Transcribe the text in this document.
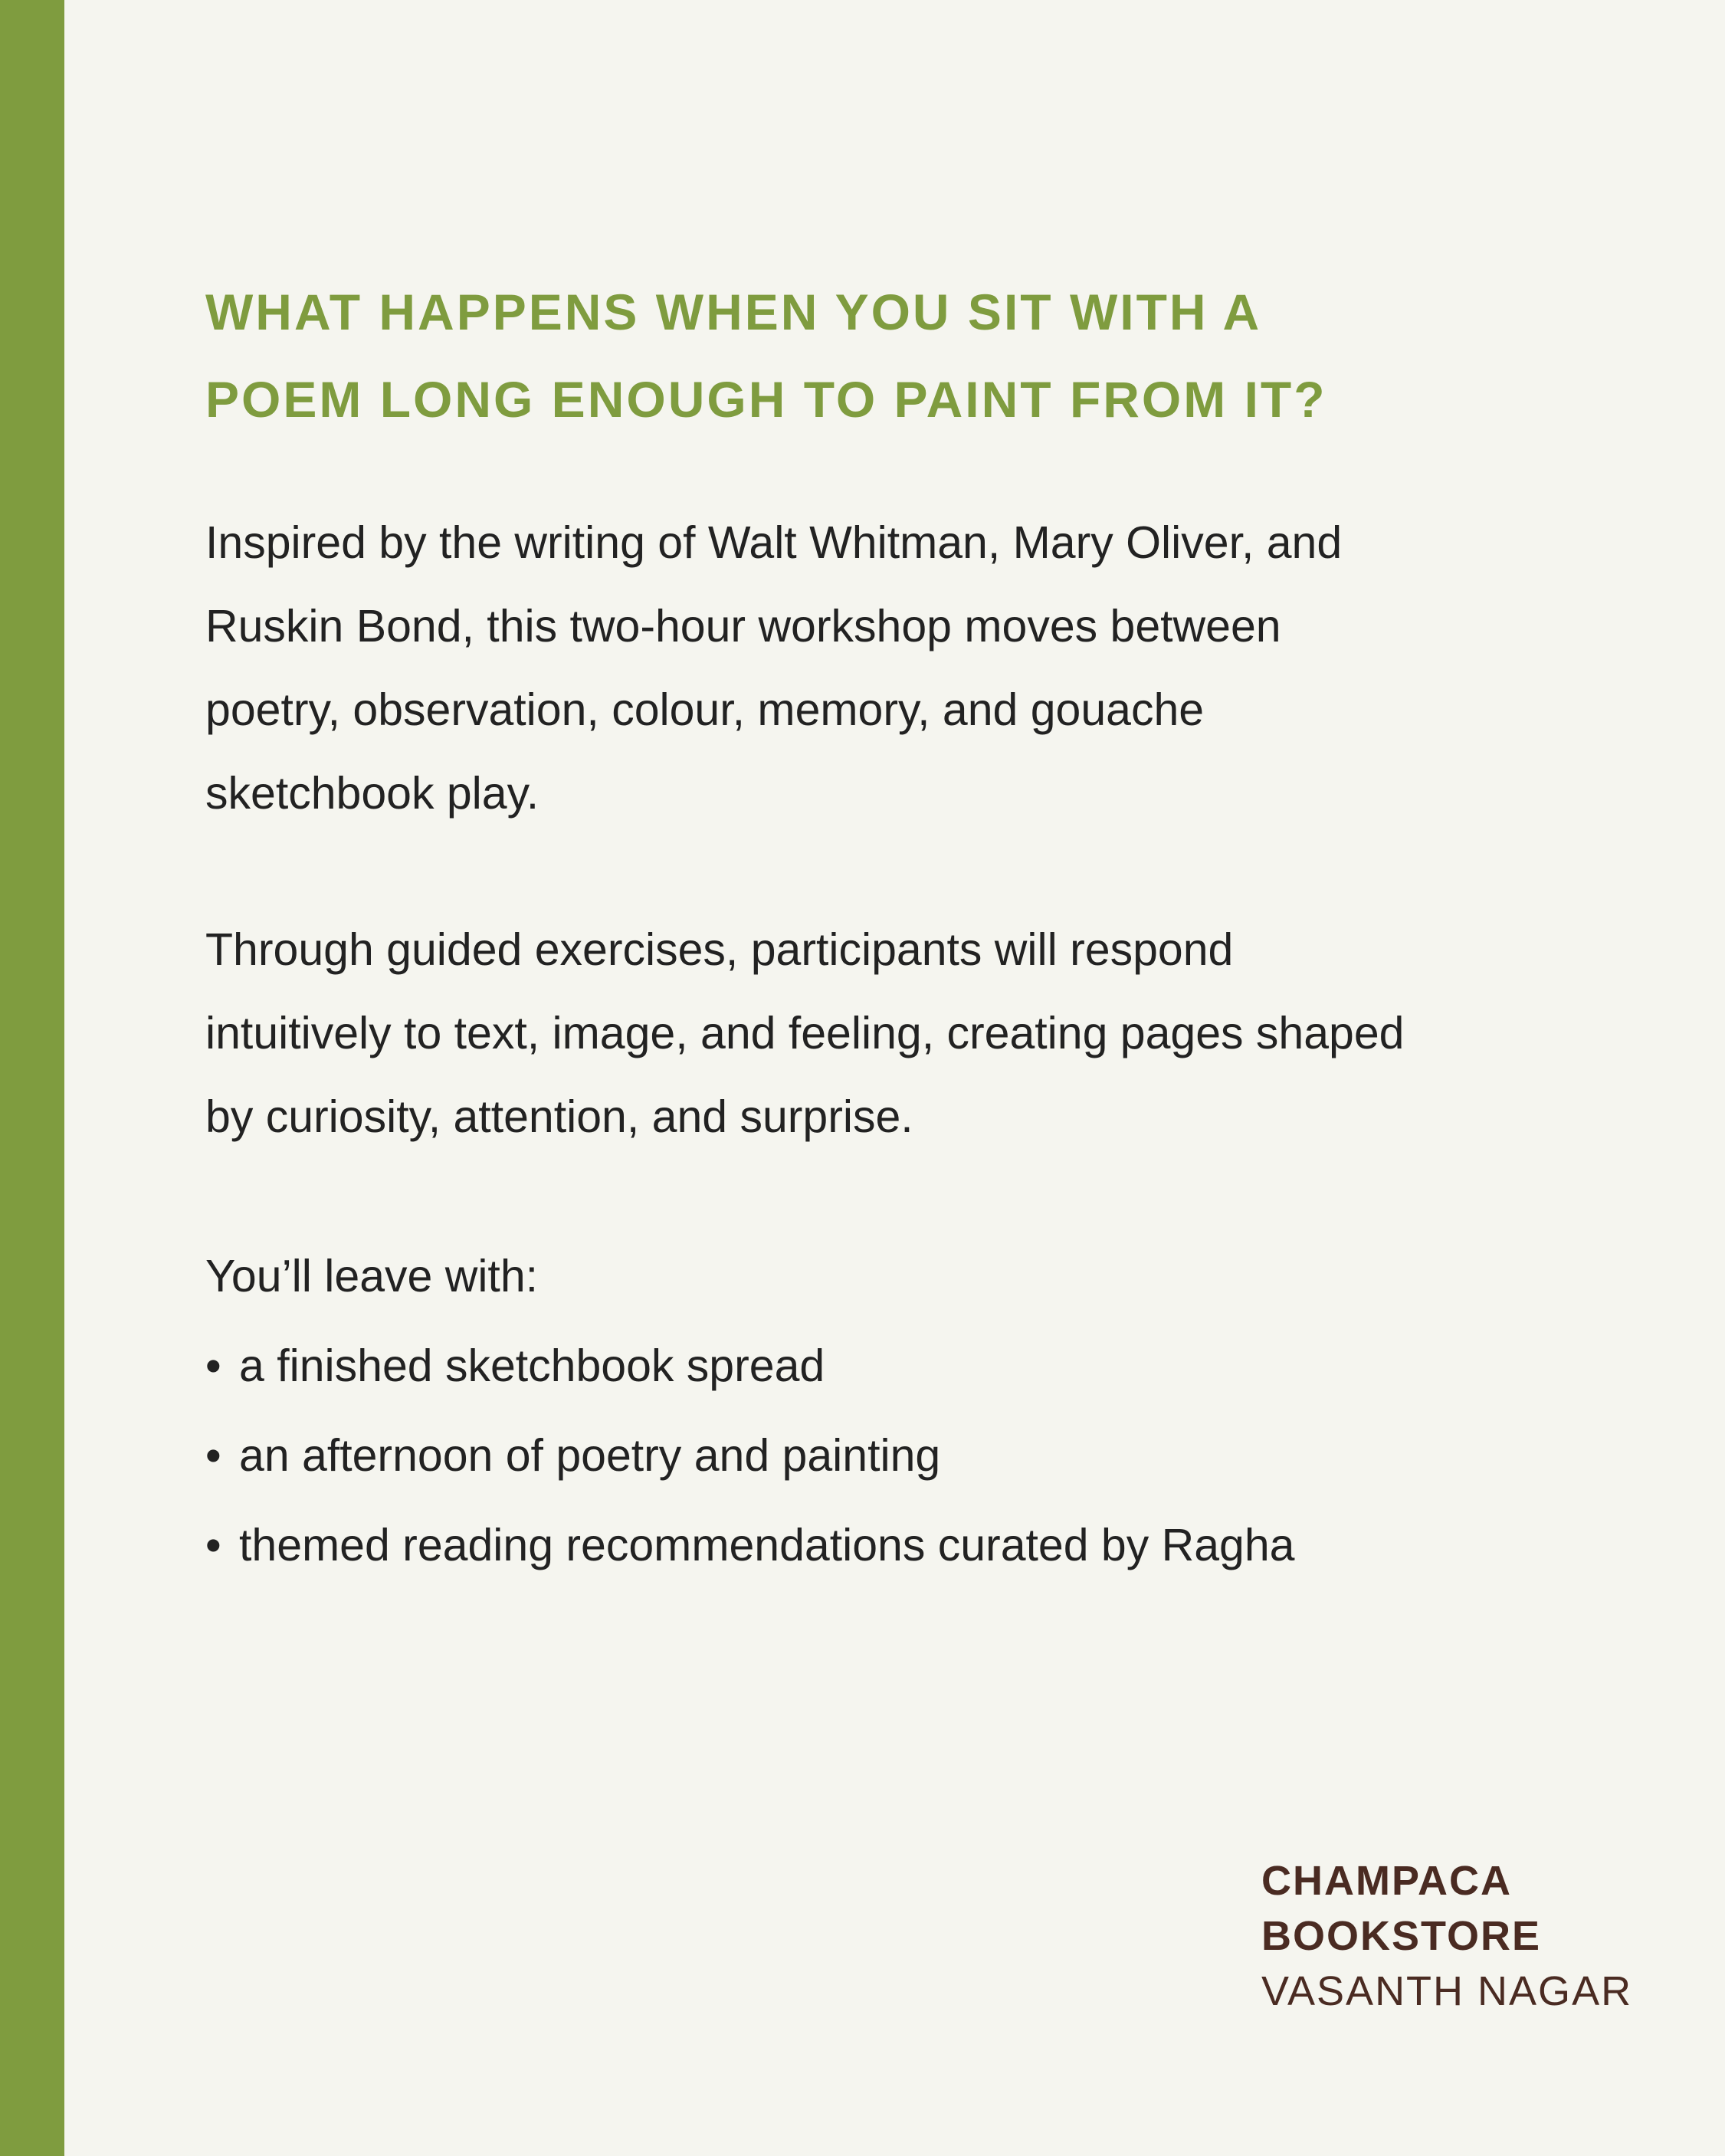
WHAT HAPPENS WHEN YOU SIT WITH A
POEM LONG ENOUGH TO PAINT FROM IT?

Inspired by the writing of Walt Whitman, Mary Oliver, and
Ruskin Bond, this two-hour workshop moves between
poetry, observation, colour, memory, and gouache
sketchbook play.

Through guided exercises, participants will respond
intuitively to text, image, and feeling, creating pages shaped
by curiosity, attention, and surprise.

You’ll leave with:
• a finished sketchbook spread
• an afternoon of poetry and painting
• themed reading recommendations curated by Ragha
CHAMPACA
BOOKSTORE
VASANTH NAGAR
